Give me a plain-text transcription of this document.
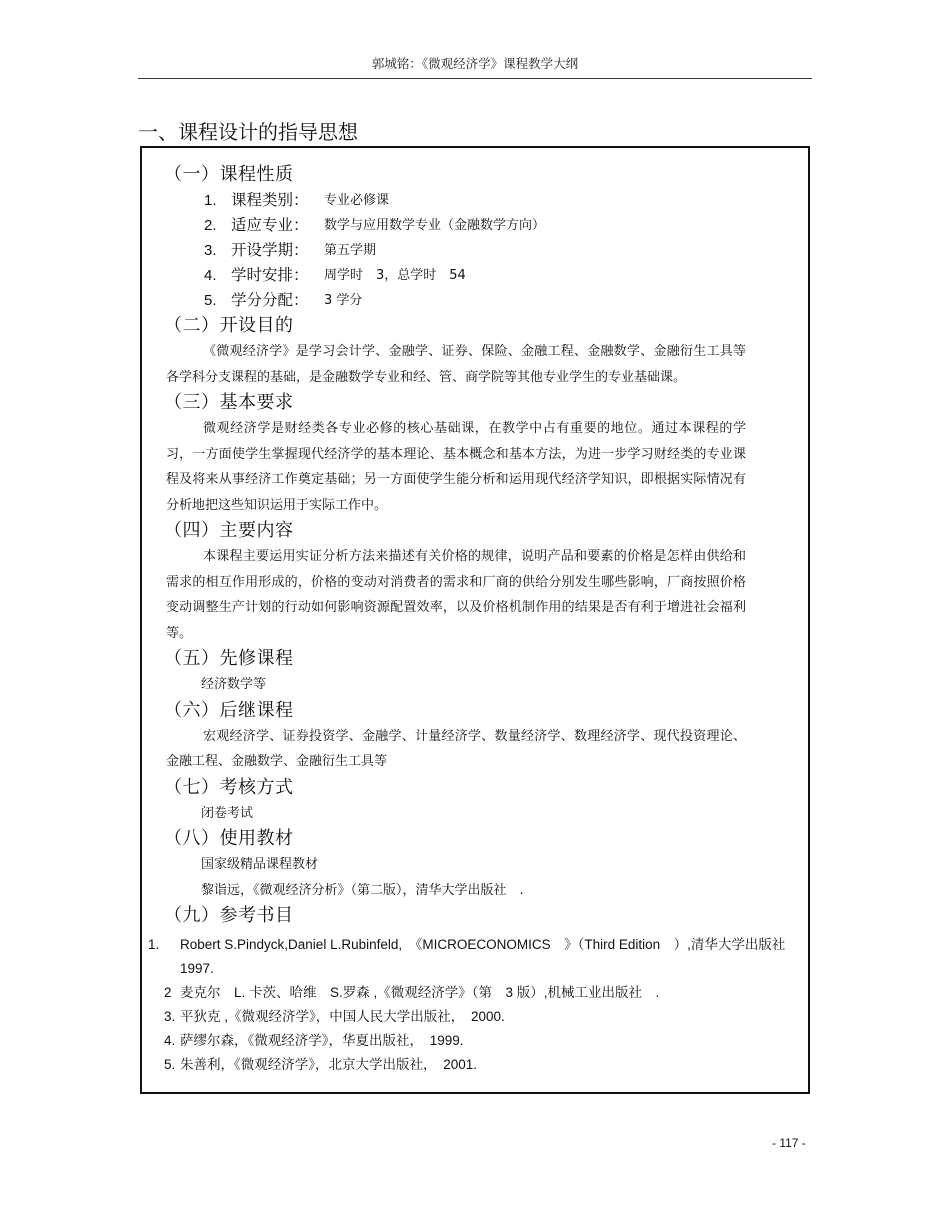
郭城铭：《微观经济学》课程教学大纲
一、课程设计的指导思想
（一）课程性质
1. 课程类别： 专业必修课
2. 适应专业： 数学与应用数学专业（金融数学方向）
3. 开设学期： 第五学期
4. 学时安排： 周学时　3，总学时　54
5. 学分分配： 3 学分
（二）开设目的

《微观经济学》是学习会计学、金融学、证券、保险、金融工程、金融数学、金融衍生工具等各学科分支课程的基础，是金融数学专业和经、管、商学院等其他专业学生的专业基础课。

（三）基本要求

微观经济学是财经类各专业必修的核心基础课，在教学中占有重要的地位。通过本课程的学习，一方面使学生掌握现代经济学的基本理论、基本概念和基本方法，为进一步学习财经类的专业课程及将来从事经济工作奠定基础；另一方面使学生能分析和运用现代经济学知识，即根据实际情况有分析地把这些知识运用于实际工作中。

（四）主要内容

本课程主要运用实证分析方法来描述有关价格的规律，说明产品和要素的价格是怎样由供给和需求的相互作用形成的，价格的变动对消费者的需求和厂商的供给分别发生哪些影响，厂商按照价格变动调整生产计划的行动如何影响资源配置效率，以及价格机制作用的结果是否有利于增进社会福利等。

（五）先修课程

经济数学等

（六）后继课程

宏观经济学、证券投资学、金融学、计量经济学、数量经济学、数理经济学、现代投资理论、金融工程、金融数学、金融衍生工具等

（七）考核方式

闭卷考试

（八）使用教材

国家级精品课程教材

黎诣远，《微观经济分析》（第二版），清华大学出版社　.

（九）参考书目

1. Robert S.Pindyck,Daniel L.Rubinfeld,　《MICROECONOMICS　》（Third Edition　）,清华大学出版社　1997.

2 麦克尔　L. 卡茨、哈维　S.罗森 ,《微观经济学》（第　3 版）,机械工业出版社　.

3. 平狄克 ,《微观经济学》，中国人民大学出版社，　2000.

4. 萨缪尔森，《微观经济学》，华夏出版社，　1999.

5. 朱善利，《微观经济学》，北京大学出版社，　2001.

- 117 -
